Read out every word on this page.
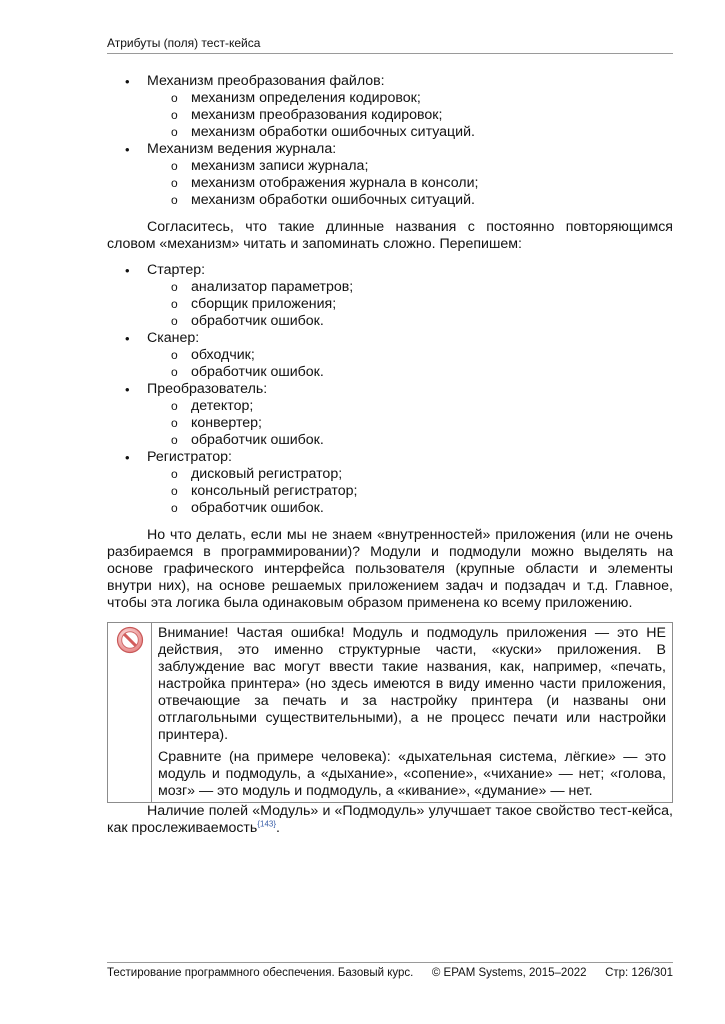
Атрибуты (поля) тест-кейса
• Механизм преобразования файлов:
o механизм определения кодировок;
o механизм преобразования кодировок;
o механизм обработки ошибочных ситуаций.
• Механизм ведения журнала:
o механизм записи журнала;
o механизм отображения журнала в консоли;
o механизм обработки ошибочных ситуаций.

Согласитесь, что такие длинные названия с постоянно повторяющимся словом «механизм» читать и запоминать сложно. Перепишем:

• Стартер:
o анализатор параметров;
o сборщик приложения;
o обработчик ошибок.
• Сканер:
o обходчик;
o обработчик ошибок.
• Преобразователь:
o детектор;
o конвертер;
o обработчик ошибок.
• Регистратор:
o дисковый регистратор;
o консольный регистратор;
o обработчик ошибок.

Но что делать, если мы не знаем «внутренностей» приложения (или не очень разбираемся в программировании)? Модули и подмодули можно выделять на основе графического интерфейса пользователя (крупные области и элементы внутри них), на основе решаемых приложением задач и подзадач и т.д. Главное, чтобы эта логика была одинаковым образом применена ко всему приложению.

Внимание! Частая ошибка! Модуль и подмодуль приложения — это НЕ действия, это именно структурные части, «куски» приложения. В заблуждение вас могут ввести такие названия, как, например, «печать, настройка принтера» (но здесь имеются в виду именно части приложения, отвечающие за печать и за настройку принтера (и названы они отглагольными существительными), а не процесс печати или настройки принтера).

Сравните (на примере человека): «дыхательная система, лёгкие» — это модуль и подмодуль, а «дыхание», «сопение», «чихание» — нет; «голова, мозг» — это модуль и подмодуль, а «кивание», «думание» — нет.

Наличие полей «Модуль» и «Подмодуль» улучшает такое свойство тест-кейса, как прослеживаемость$^{\{143\}}$.

Тестирование программного обеспечения. Базовый курс. © EPAM Systems, 2015–2022 Стр: 126/301
